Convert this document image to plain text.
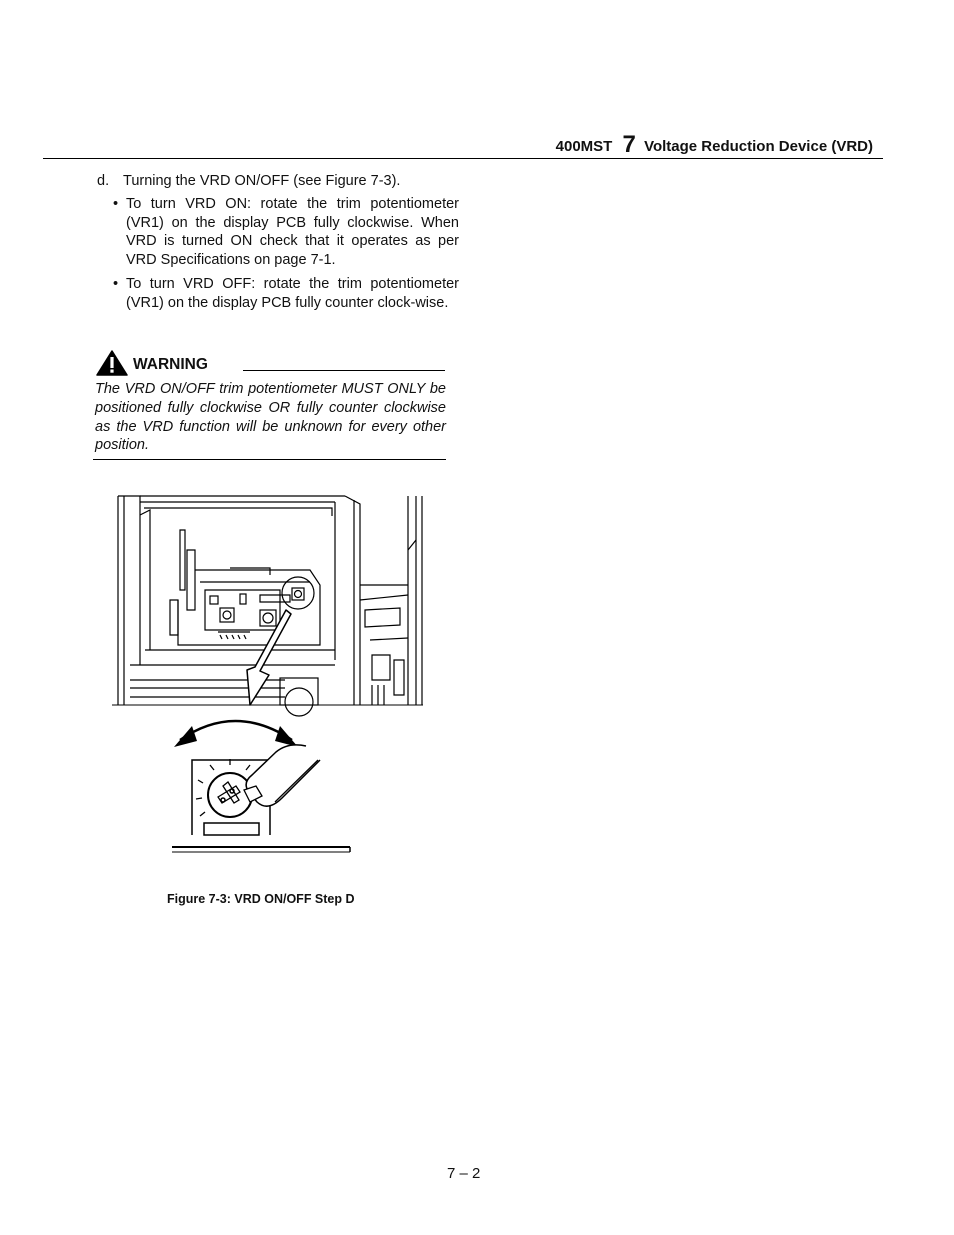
400MST 7 Voltage Reduction Device (VRD)
d. Turning the VRD ON/OFF (see Figure 7-3).
• To turn VRD ON: rotate the trim potentiometer (VR1) on the display PCB fully clockwise. When VRD is turned ON check that it operates as per VRD Specifications on page 7-1.
• To turn VRD OFF: rotate the trim potentiometer (VR1) on the display PCB fully counter clock-wise.
WARNING

The VRD ON/OFF trim potentiometer MUST ONLY be positioned fully clockwise OR fully counter clockwise as the VRD function will be unknown for every other position.

Figure 7-3: VRD ON/OFF Step D
7 – 2
